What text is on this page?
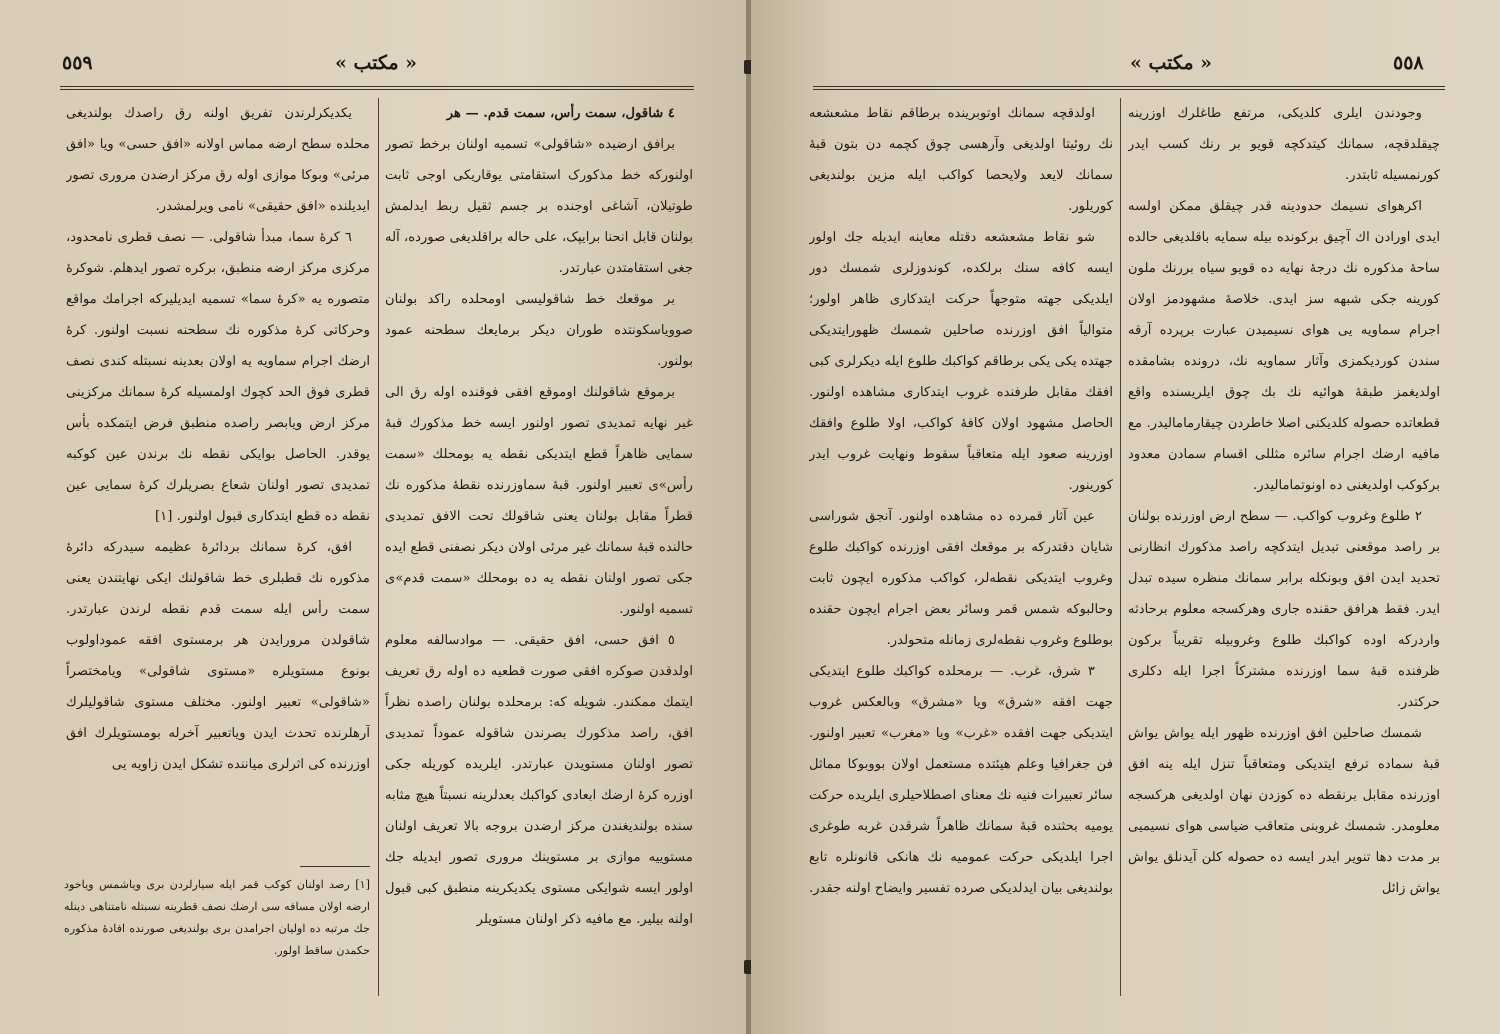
٥٥٩	« مکتب »

٤ شاقول، سمت رأس، سمت قدم. — هر

برافق ارضیده «شاقولی» تسمیه اولنان برخط تصور اولنورکه خط مذکورک استقامتی یوقاریکی اوجی ثابت طوتیلان، آشاغی اوجنده بر جسم ثقیل ربط ایدلمش بولنان قابل انحنا برایپک، علی حاله براقلدیغی صورده، آله جغی استقامتدن عبارتدر.

بر موقعك خط شاقولیسی اومحلده راکد بولنان صوویاسکونتده طوران دیکر برمایعك سطحنه عمود بولنور.

برموقع شاقولنك اوموقع افقی فوقنده اوله رق الی غیر نهایه تمدیدی تصور اولنور ایسه خط مذکورك قبهٔ سمایی ظاهراً قطع ایتدیکی نقطه یه بومحلك «سمت رأس»ی تعبیر اولنور. قبهٔ سماوزرنده نقطهٔ مذکوره نك قطراً مقابل بولنان یعنی شاقولك تحت الافق تمدیدی حالنده قبهٔ سمانك غیر مرئی اولان دیکر نصفنی قطع ایده جکی تصور اولنان نقطه یه ده بومحلك «سمت قدم»ی تسمیه اولنور.

٥ افق حسی، افق حقیقی. — موادسالفه معلوم اولدقدن صوکره افقی صورت قطعیه ده اوله رق تعریف ایتمك ممکندر. شویله که: برمحلده بولنان راصده نظراً افق، راصد مذکورك بصرندن شاقوله عموداً تمدیدی تصور اولنان مستویدن عبارتدر. ایلریده کوریله جکی اوزره کرهٔ ارضك ابعادی کواکبك بعدلرینه نسبتاً هیچ مثابه سنده بولندیغندن مرکز ارضدن بروجه بالا تعریف اولنان مستوییه موازی بر مستوینك مروری تصور ایدیله جك اولور ایسه شوایکی مستوی یکدیکرینه منطبق کبی قبول اولنه بیلیر. مع مافیه ذکر اولنان مستویلر

یکدیکرلرندن تفریق اولنه رق راصدك بولندیغی محلده سطح ارضه مماس اولانه «افق حسی» ویا «افق مرئی» وبوکا موازی اوله رق مرکز ارضدن مروری تصور ایدیلنده «افق حقیقی» نامی ویرلمشدر.

٦ کرهٔ سما، مبدأ شاقولی. — نصف قطری نامحدود، مرکزی مرکز ارضه منطبق، برکره تصور ایدهلم. شوکرهٔ متصوره یه «کرهٔ سما» تسمیه ایدیلیرکه اجرامك مواقع وحرکاتی کرهٔ مذکوره نك سطحنه نسبت اولنور. کرهٔ ارضك اجرام سماویه یه اولان بعدینه نسبتله کندی نصف قطری فوق الحد کچوك اولمسیله کرهٔ سمانك مرکزینی مرکز ارض ویابصر راصده منطبق فرض ایتمکده بأس یوقدر. الحاصل بوایکی نقطه نك برندن عین کوکبه تمدیدی تصور اولنان شعاع بصریلرك کرهٔ سمایی عین نقطه ده قطع ایتدکاری قبول اولنور. [١]

افق، کرهٔ سمانك بردائرهٔ عظیمه سیدرکه دائرهٔ مذکوره نك قطبلری خط شاقولنك ایکی نهایتندن یعنی سمت رأس ایله سمت قدم نقطه لرندن عبارتدر. شاقولدن مرورایدن هر برمستوی افقه عموداولوب بونوع مستویلره «مستوی شاقولی» ویامختصراً «شاقولی» تعبیر اولنور. مختلف مستوی شاقولیلرك آرهلرنده تحدث ایدن ویاتعبیر آخرله بومستویلرك افق اوزرنده کی اثرلری میاننده تشکل ایدن زاویه یی

[١] رصد اولنان کوکب قمر ایله سیارلردن بری ویاشمس ویاخود ارضه اولان مسافه سی ارضك نصف قطرینه نسبتله نامتناهی دینله جك مرتبه ده اولیان اجرامدن بری بولندیغی صورنده افادهٔ مذکوره حکمدن ساقط اولور.
« مکتب »	٥٥٨

وجودندن ایلری کلدیکی، مرتفع طاغلرك اوزرینه چیقلدقچه، سمانك کیتدکچه قویو بر رنك کسب ایدر کورنمسیله ثابتدر.

اکرهوای نسیمك حدودینه قدر چیقلق ممکن اولسه ایدی اورادن اك آچیق برکونده بیله سمایه باقلدیغی حالده ساحهٔ مذکوره نك درجهٔ نهایه ده قویو سیاه بررنك ملون کورینه جکی شبهه سز ایدی. خلاصهٔ مشهودمز اولان اجرام سماویه یی هوای نسیمیدن عبارت برپرده آرقه سندن کوردیکمزی وآثار سماویه نك، درونده بشامقده اولدیغمز طبقهٔ هوائیه نك بك چوق ایلریسنده واقع قطعاتده حصوله کلدیکنی اصلا خاطردن چیقارمامالیدر. مع مافیه ارضك اجرام سائره مثللی اقسام سمادن معدود برکوکب اولدیغنی ده اونوتمامالیدر.

٢ طلوع وغروب کواکب. — سطح ارض اوزرنده بولنان بر راصد موقعنی تبدیل ایتدکچه راصد مذکورك انظارنی تحدید ایدن افق وبونکله برابر سمانك منظره سیده تبدل ایدر. فقط هرافق حقنده جاری وهرکسجه معلوم برحادثه واردرکه اوده کواکبك طلوع وغروبیله تقریباً برکون ظرفنده قبهٔ سما اوزرنده مشترکاً اجرا ایله دکلری حرکتدر.

شمسك صاحلین افق اوزرنده ظهور ایله یواش یواش قبهٔ سماده ترفع ایتدیکی ومتعاقباً تنزل ایله ینه افق اوزرنده مقابل برنقطه ده کوزدن نهان اولدیغی هرکسجه معلومدر. شمسك غروبنی متعاقب ضیاسی هوای نسیمیی بر مدت دها تنویر ایدر ایسه ده حصوله کلن آیدنلق یواش یواش زائل

اولدقچه سمانك اوتوبرینده برطاقم نقاط مشعشعه نك روئیتا اولدیغی وآرهسی چوق کچمه دن بتون قبهٔ سمانك لایعد ولایحصا کواکب ایله مزین بولندیغی کوریلور.

شو نقاط مشعشعه دقتله معاینه ایدیله جك اولور ایسه کافه سنك برلکده، کوندوزلری شمسك دور ایلدیکی جهته متوجهاً حرکت ایتدکاری ظاهر اولور؛ متوالیاً افق اوزرنده صاحلین شمسك ظهورایتدیکی جهتده یکی یکی برطاقم کواکبك طلوع ایله دیکرلری کبی افقك مقابل طرفنده غروب ایتدکاری مشاهده اولنور. الحاصل مشهود اولان کافهٔ کواکب، اولا طلوع وافقك اوزرینه صعود ایله متعاقباً سقوط ونهایت غروب ایدر کورینور.

عین آثار قمرده ده مشاهده اولنور. آنجق شوراسی شایان دقتدرکه بر موقعك افقی اوزرنده کواکبك طلوع وغروب ایتدیکی نقطه‌لر، کواکب مذکوره ایچون ثابت وحالبوکه شمس قمر وسائر بعض اجرام ایچون حقنده بوطلوع وغروب نقطه‌لری زمانله متحولدر.

٣ شرق، غرب. — برمحلده کواکبك طلوع ایتدیکی جهت افقه «شرق» ویا «مشرق» وبالعکس غروب ایتدیکی جهت افقده «غرب» ویا «مغرب» تعبیر اولنور. فن جغرافیا وعلم هیئتده مستعمل اولان بووبوکا مماثل سائر تعبیرات فنیه نك معنای اصطلاحیلری ایلریده حرکت یومیه بحثنده قبهٔ سمانك ظاهراً شرقدن غربه طوغری اجرا ایلدیکی حرکت عمومیه نك هانکی قانونلره تابع بولندیغی بیان ایدلدیکی صرده تفسیر وایضاح اولنه جقدر.
